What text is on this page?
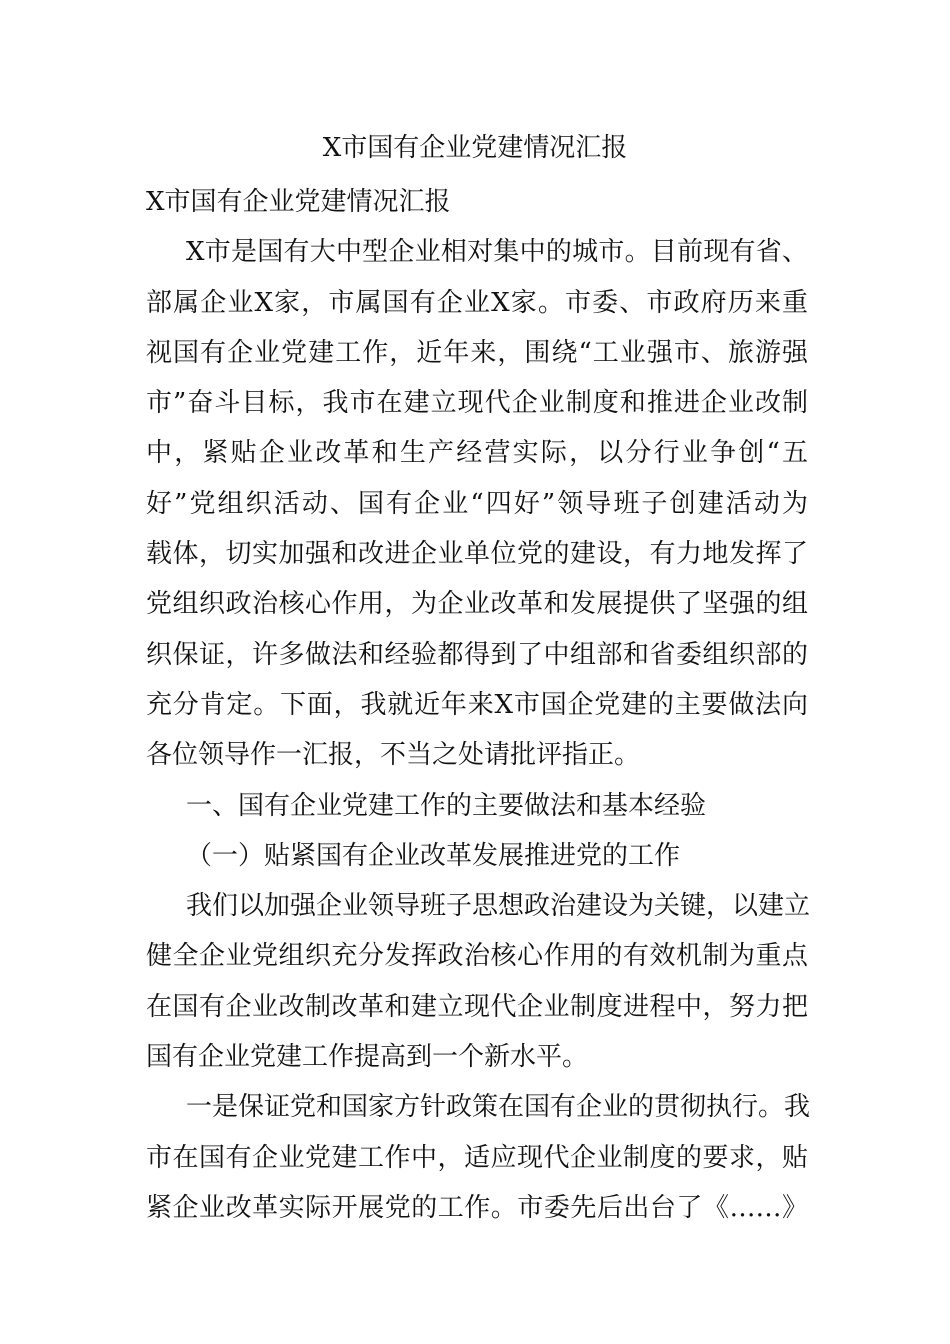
X市国有企业党建情况汇报
X市国有企业党建情况汇报
X市是国有大中型企业相对集中的城市。目前现有省、
部属企业X家，市属国有企业X家。市委、市政府历来重
视国有企业党建工作，近年来，围绕“工业强市、旅游强
市”奋斗目标，我市在建立现代企业制度和推进企业改制
中，紧贴企业改革和生产经营实际，以分行业争创“五
好”党组织活动、国有企业“四好”领导班子创建活动为
载体，切实加强和改进企业单位党的建设，有力地发挥了
党组织政治核心作用，为企业改革和发展提供了坚强的组
织保证，许多做法和经验都得到了中组部和省委组织部的
充分肯定。下面，我就近年来X市国企党建的主要做法向
各位领导作一汇报，不当之处请批评指正。
一、国有企业党建工作的主要做法和基本经验
（一）贴紧国有企业改革发展推进党的工作
我们以加强企业领导班子思想政治建设为关键，以建立
健全企业党组织充分发挥政治核心作用的有效机制为重点
在国有企业改制改革和建立现代企业制度进程中，努力把
国有企业党建工作提高到一个新水平。
一是保证党和国家方针政策在国有企业的贯彻执行。我
市在国有企业党建工作中，适应现代企业制度的要求，贴
紧企业改革实际开展党的工作。市委先后出台了《……》
